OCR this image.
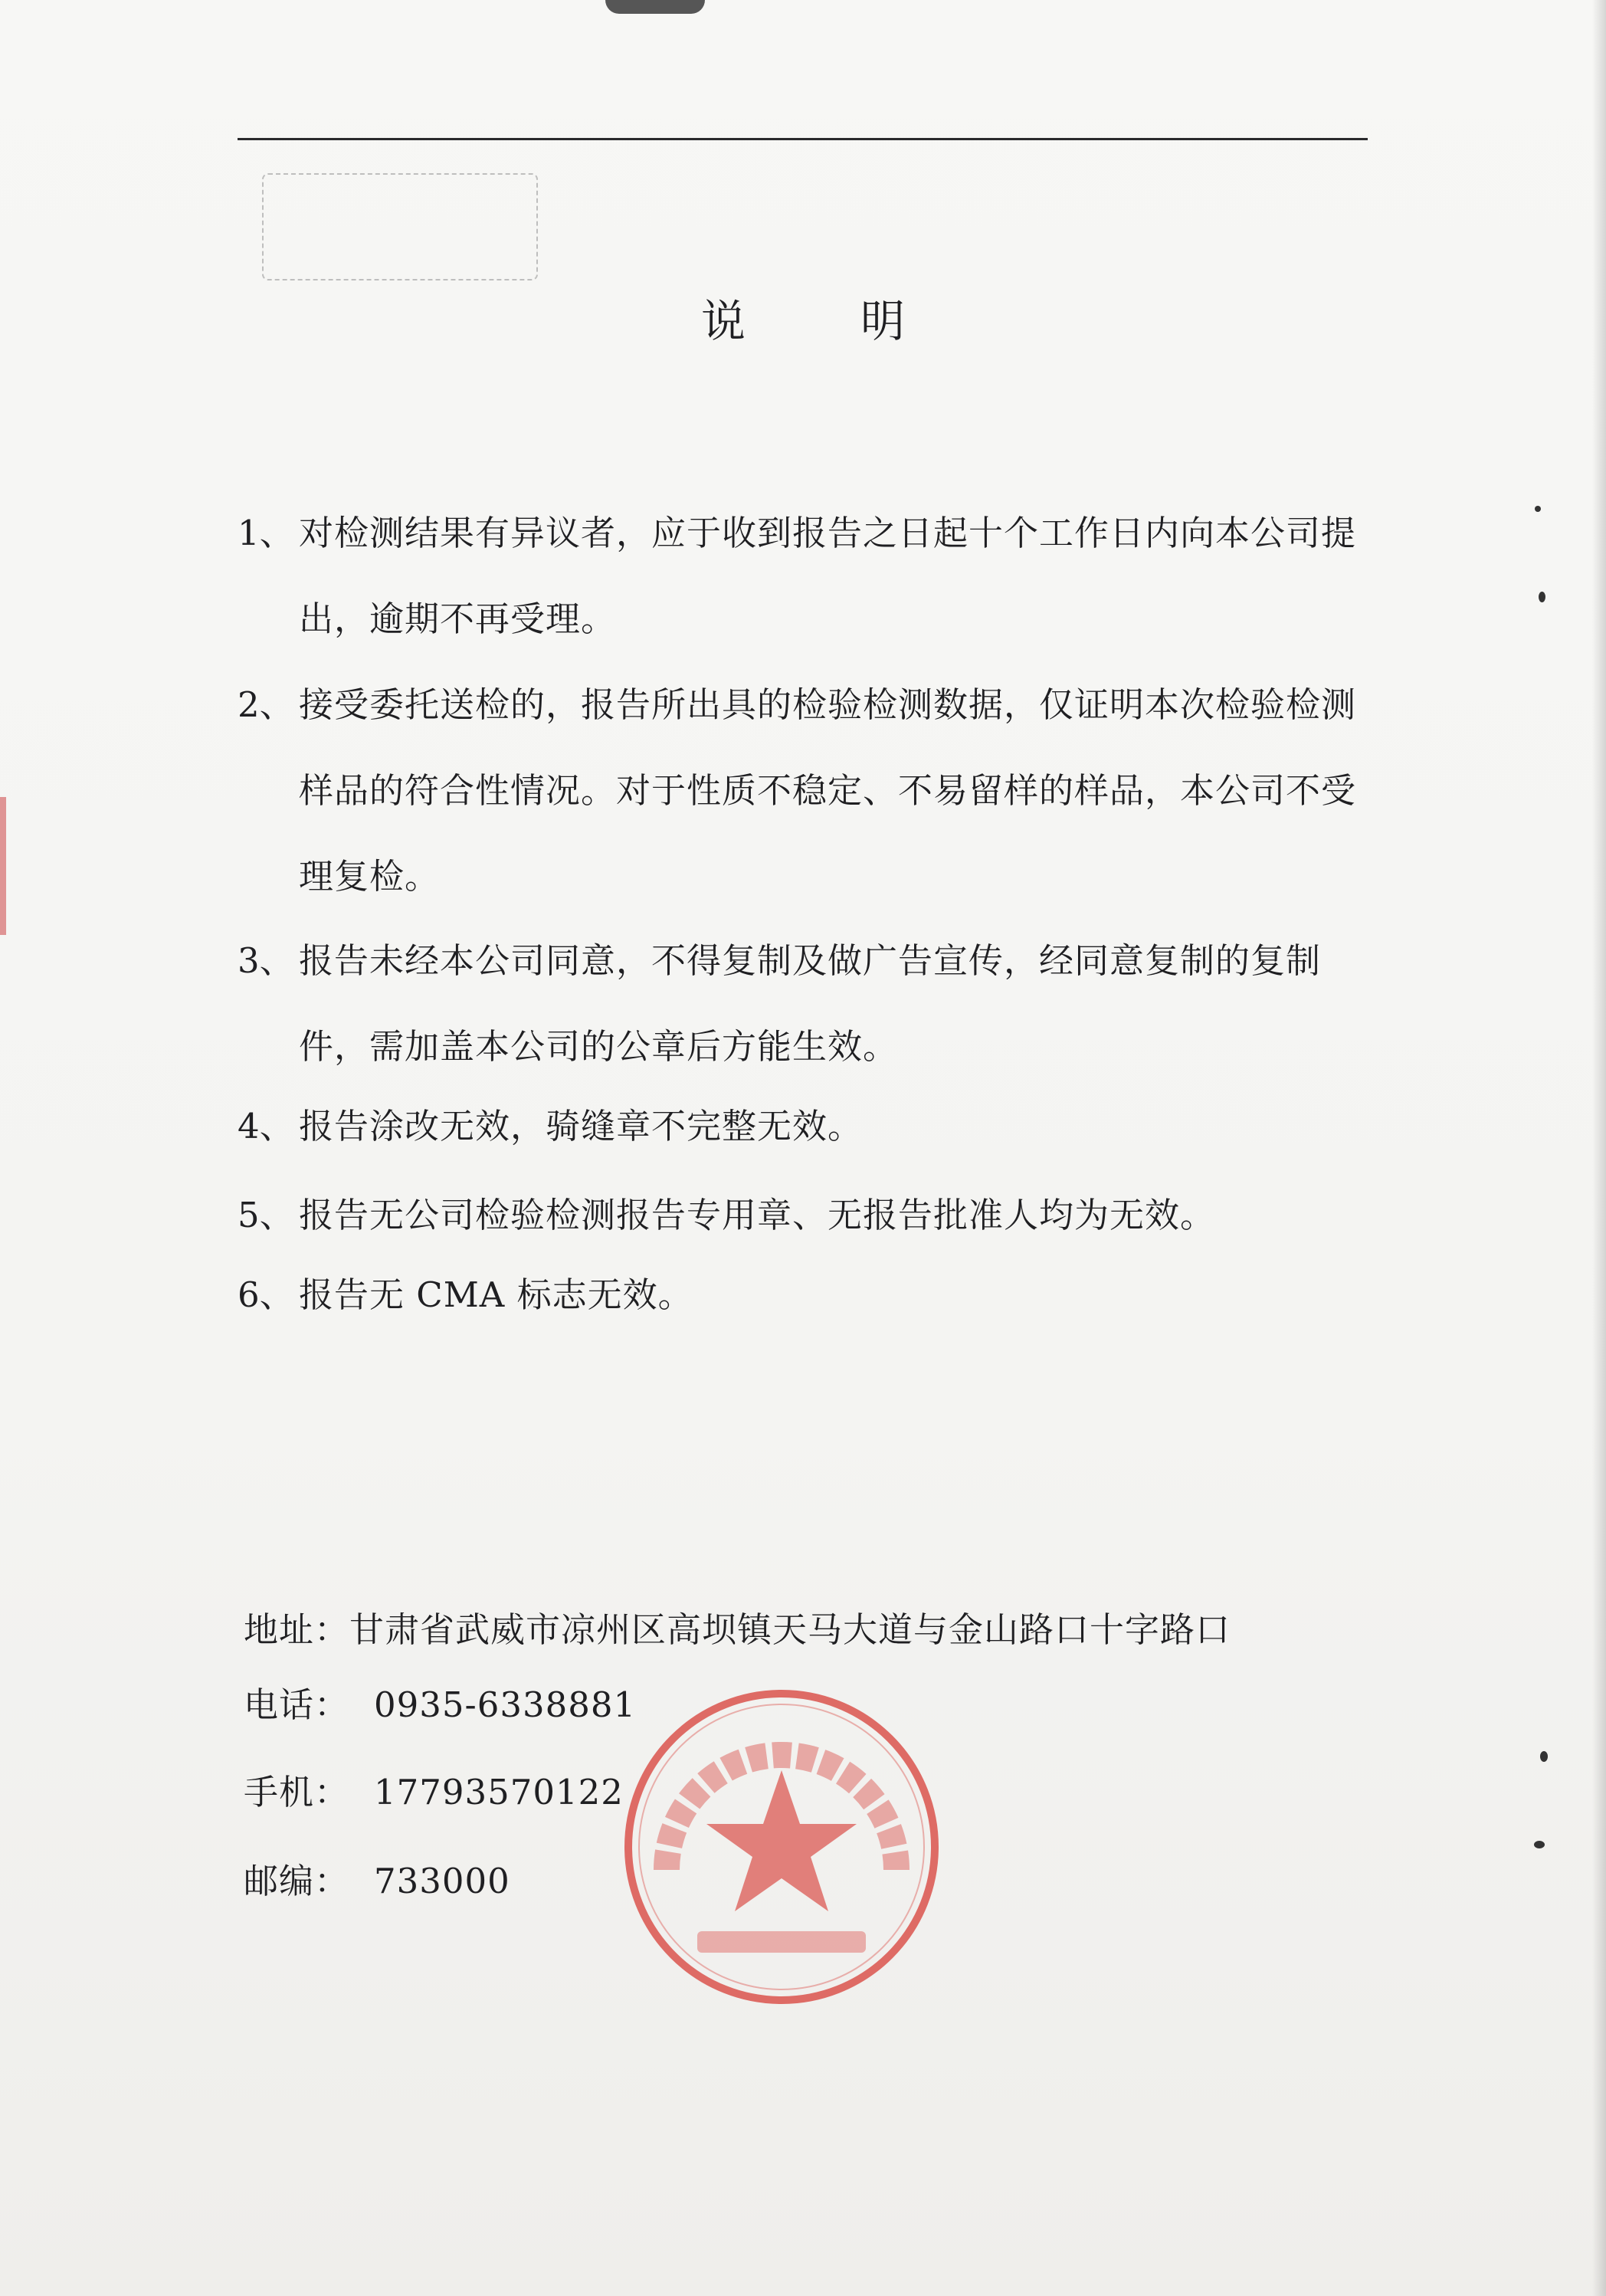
说　明
1、 对检测结果有异议者，应于收到报告之日起十个工作日内向本公司提出，逾期不再受理。
2、 接受委托送检的，报告所出具的检验检测数据，仅证明本次检验检测样品的符合性情况。对于性质不稳定、不易留样的样品，本公司不受理复检。
3、 报告未经本公司同意，不得复制及做广告宣传，经同意复制的复制件，需加盖本公司的公章后方能生效。
4、 报告涂改无效，骑缝章不完整无效。
5、 报告无公司检验检测报告专用章、无报告批准人均为无效。
6、 报告无 CMA 标志无效。
地址：甘肃省武威市凉州区高坝镇天马大道与金山路口十字路口
电话： 0935-6338881
手机： 17793570122
邮编： 733000
